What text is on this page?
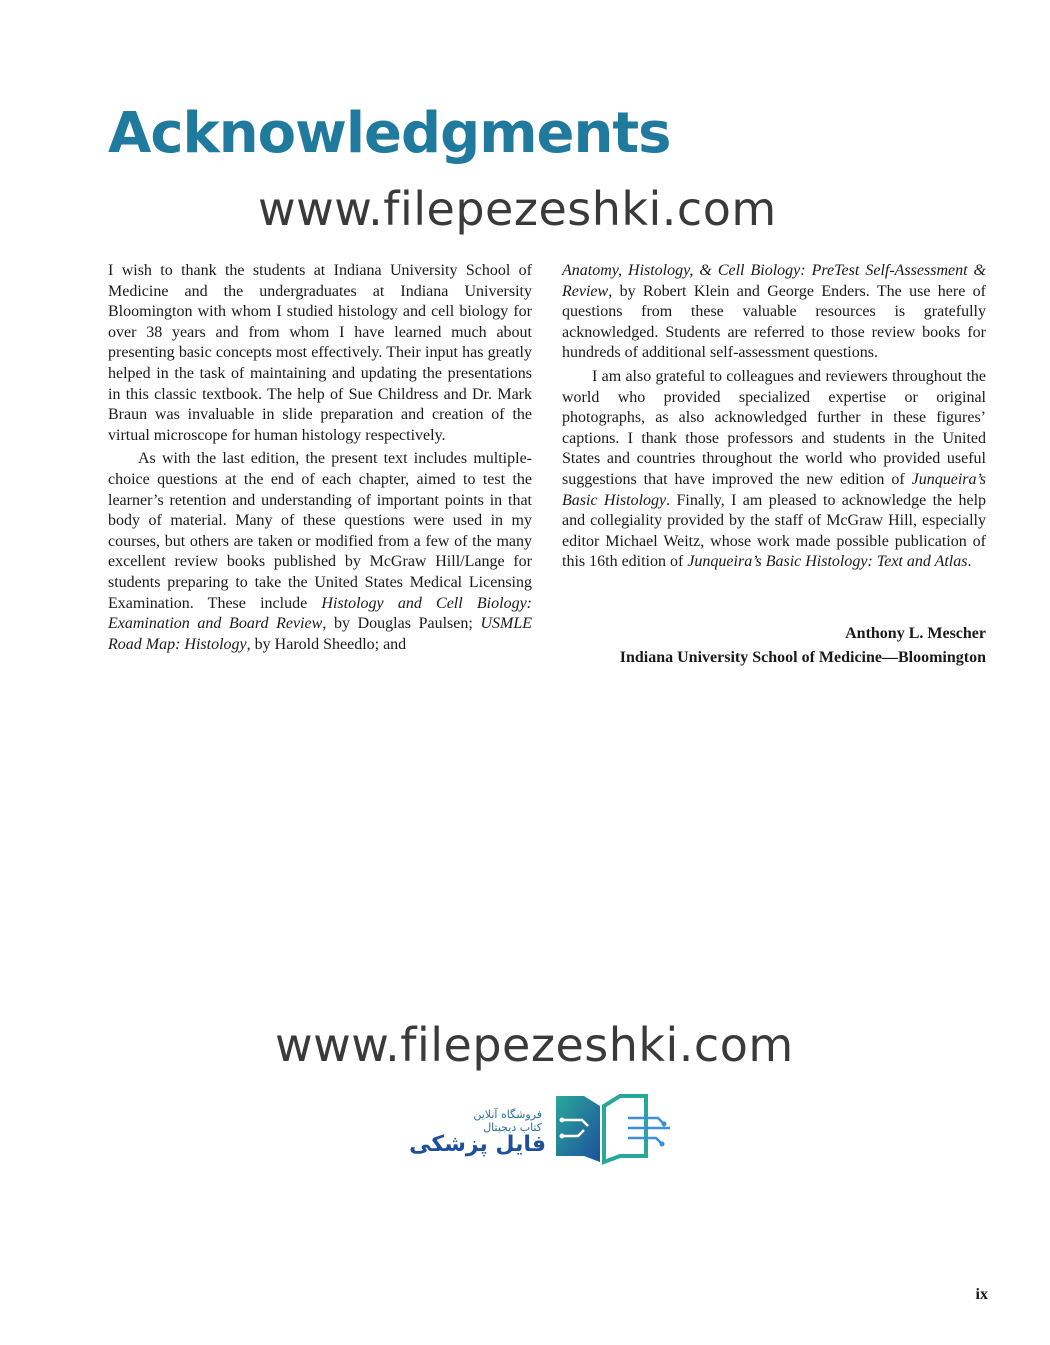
Acknowledgments
www.filepezeshki.com

I wish to thank the students at Indiana University School of Medicine and the undergraduates at Indiana University Bloomington with whom I studied histology and cell biology for over 38 years and from whom I have learned much about presenting basic concepts most effectively. Their input has greatly helped in the task of maintaining and updating the presentations in this classic textbook. The help of Sue Childress and Dr. Mark Braun was invaluable in slide preparation and creation of the virtual microscope for human histology respectively.

As with the last edition, the present text includes multiple-choice questions at the end of each chapter, aimed to test the learner’s retention and understanding of important points in that body of material. Many of these questions were used in my courses, but others are taken or modified from a few of the many excellent review books published by McGraw Hill/Lange for students preparing to take the United States Medical Licensing Examination. These include Histology and Cell Biology: Examination and Board Review, by Douglas Paulsen; USMLE Road Map: Histology, by Harold Sheedlo; and

Anatomy, Histology, & Cell Biology: PreTest Self-Assessment & Review, by Robert Klein and George Enders. The use here of questions from these valuable resources is gratefully acknowledged. Students are referred to those review books for hundreds of additional self-assessment questions.

I am also grateful to colleagues and reviewers throughout the world who provided specialized expertise or original photographs, as also acknowledged further in these figures’ captions. I thank those professors and students in the United States and countries throughout the world who provided useful suggestions that have improved the new edition of Junqueira’s Basic Histology. Finally, I am pleased to acknowledge the help and collegiality provided by the staff of McGraw Hill, especially editor Michael Weitz, whose work made possible publication of this 16th edition of Junqueira’s Basic Histology: Text and Atlas.

Anthony L. Mescher
Indiana University School of Medicine—Bloomington
www.filepezeshki.com
فروشگاه آنلاین
کتاب دیجیتال
فایل پزشکی
ix
